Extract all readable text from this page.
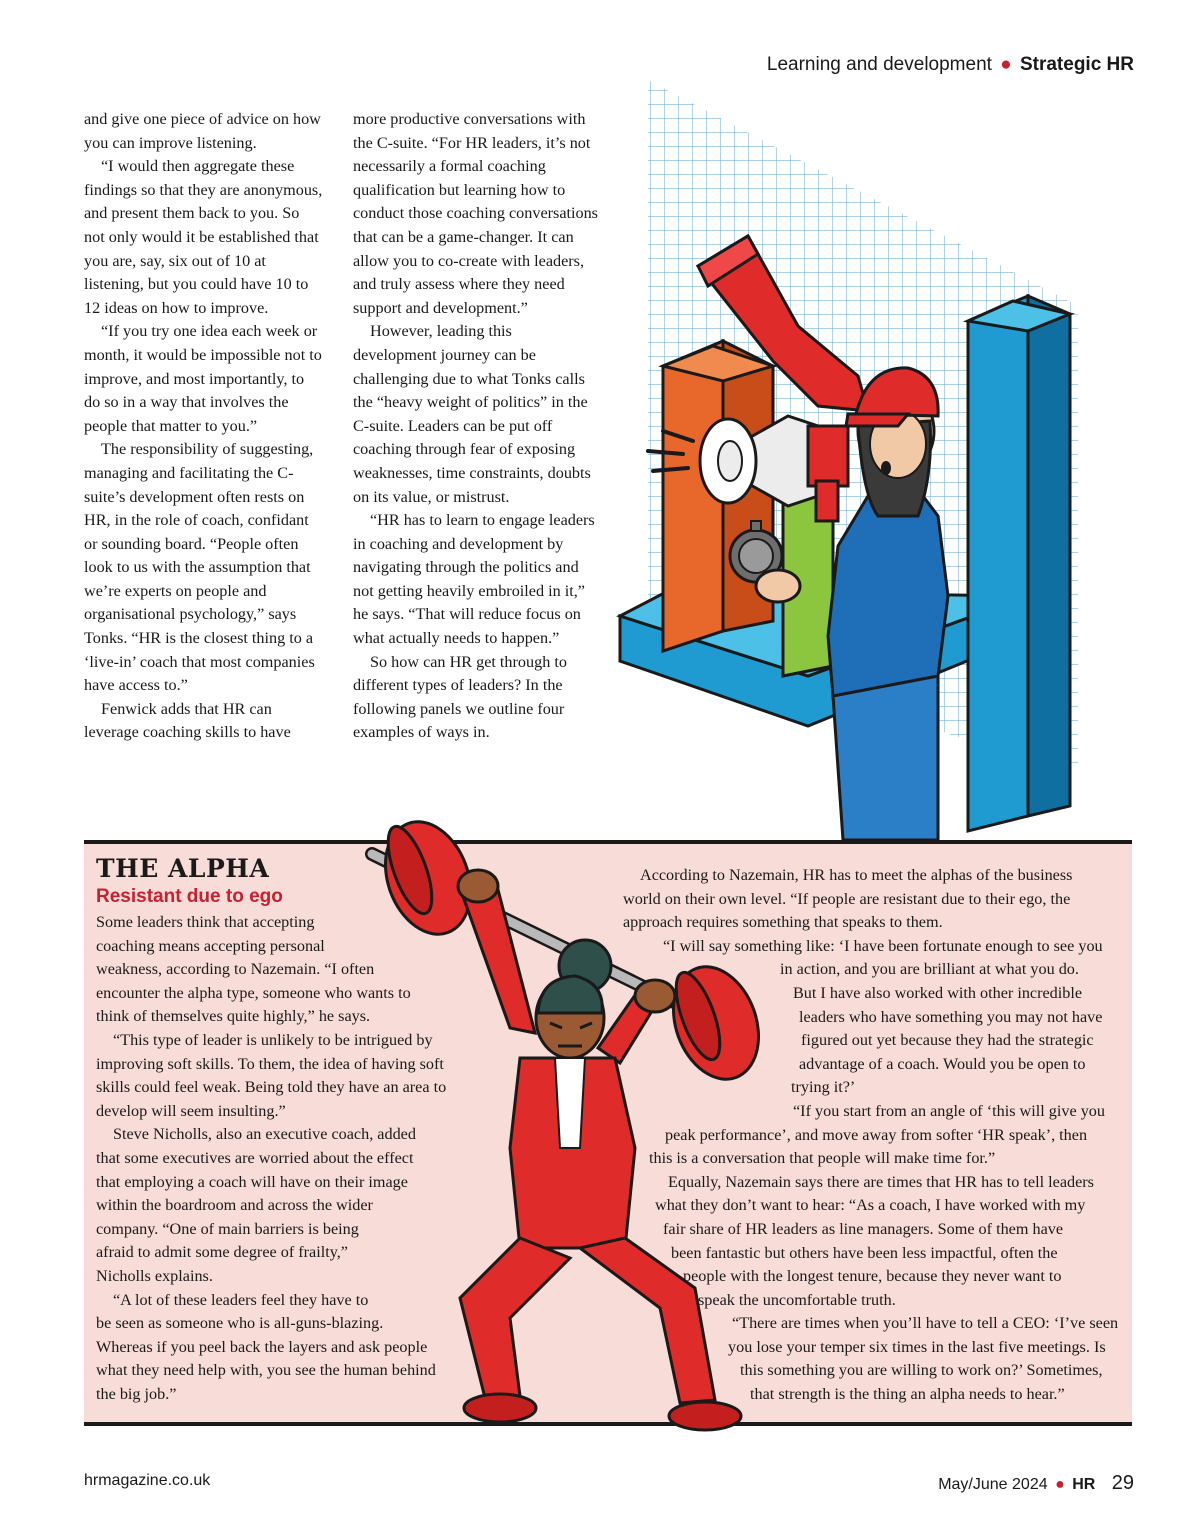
Learning and development ● Strategic HR

and give one piece of advice on how you can improve listening.

“I would then aggregate these findings so that they are anonymous, and present them back to you. So not only would it be established that you are, say, six out of 10 at listening, but you could have 10 to 12 ideas on how to improve.

“If you try one idea each week or month, it would be impossible not to improve, and most importantly, to do so in a way that involves the people that matter to you.”

The responsibility of suggesting, managing and facilitating the C-suite’s development often rests on HR, in the role of coach, confidant or sounding board. “People often look to us with the assumption that we’re experts on people and organisational psychology,” says Tonks. “HR is the closest thing to a ‘live-in’ coach that most companies have access to.”

Fenwick adds that HR can leverage coaching skills to have

more productive conversations with the C-suite. “For HR leaders, it’s not necessarily a formal coaching qualification but learning how to conduct those coaching conversations that can be a game-changer. It can allow you to co-create with leaders, and truly assess where they need support and development.”

However, leading this development journey can be challenging due to what Tonks calls the “heavy weight of politics” in the C-suite. Leaders can be put off coaching through fear of exposing weaknesses, time constraints, doubts on its value, or mistrust.

“HR has to learn to engage leaders in coaching and development by navigating through the politics and not getting heavily embroiled in it,” he says. “That will reduce focus on what actually needs to happen.”

So how can HR get through to different types of leaders? In the following panels we outline four examples of ways in.

THE ALPHA
Resistant due to ego
Some leaders think that accepting
coaching means accepting personal
weakness, according to Nazemain. “I often
encounter the alpha type, someone who wants to
think of themselves quite highly,” he says.
“This type of leader is unlikely to be intrigued by
improving soft skills. To them, the idea of having soft
skills could feel weak. Being told they have an area to
develop will seem insulting.”
Steve Nicholls, also an executive coach, added
that some executives are worried about the effect
that employing a coach will have on their image
within the boardroom and across the wider
company. “One of main barriers is being
afraid to admit some degree of frailty,”
Nicholls explains.
“A lot of these leaders feel they have to
be seen as someone who is all-guns-blazing.
Whereas if you peel back the layers and ask people
what they need help with, you see the human behind
the big job.”
According to Nazemain, HR has to meet the alphas of the business
world on their own level. “If people are resistant due to their ego, the
approach requires something that speaks to them.
“I will say something like: ‘I have been fortunate enough to see you
in action, and you are brilliant at what you do.
But I have also worked with other incredible
leaders who have something you may not have
figured out yet because they had the strategic
advantage of a coach. Would you be open to
trying it?’
“If you start from an angle of ‘this will give you
peak performance’, and move away from softer ‘HR speak’, then
this is a conversation that people will make time for.”
Equally, Nazemain says there are times that HR has to tell leaders
what they don’t want to hear: “As a coach, I have worked with my
fair share of HR leaders as line managers. Some of them have
been fantastic but others have been less impactful, often the
people with the longest tenure, because they never want to
speak the uncomfortable truth.
“There are times when you’ll have to tell a CEO: ‘I’ve seen
you lose your temper six times in the last five meetings. Is
this something you are willing to work on?’ Sometimes,
that strength is the thing an alpha needs to hear.”
hrmagazine.co.uk	May/June 2024 ● HR 29
